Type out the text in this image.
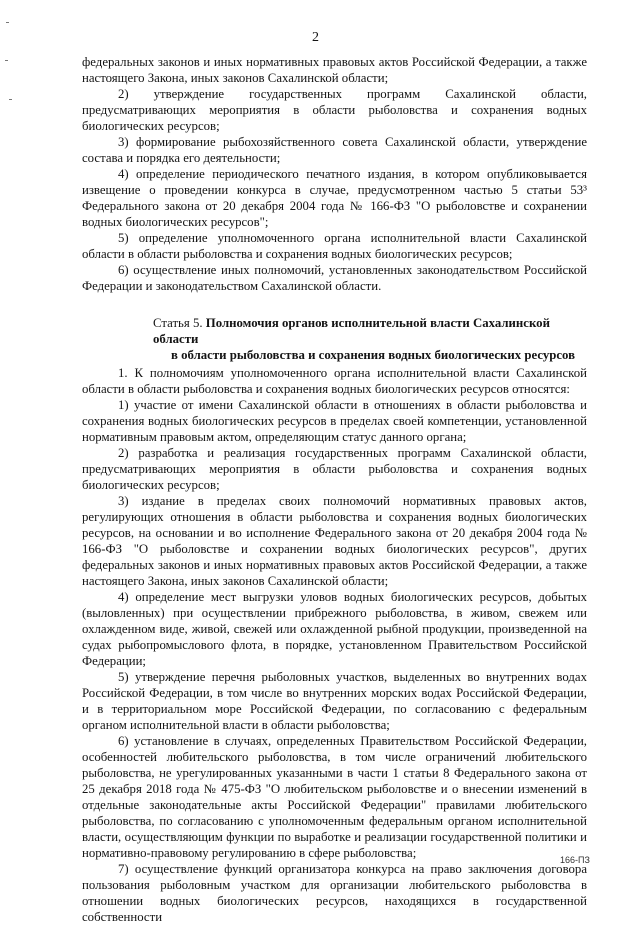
2

федеральных законов и иных нормативных правовых актов Российской Федерации, а также настоящего Закона, иных законов Сахалинской области;

2) утверждение государственных программ Сахалинской области, предусматривающих мероприятия в области рыболовства и сохранения водных биологических ресурсов;

3) формирование рыбохозяйственного совета Сахалинской области, утверждение состава и порядка его деятельности;

4) определение периодического печатного издания, в котором опубликовывается извещение о проведении конкурса в случае, предусмотренном частью 5 статьи 53³ Федерального закона от 20 декабря 2004 года № 166-ФЗ "О рыболовстве и сохранении водных биологических ресурсов";

5) определение уполномоченного органа исполнительной власти Сахалинской области в области рыболовства и сохранения водных биологических ресурсов;

6) осуществление иных полномочий, установленных законодательством Российской Федерации и законодательством Сахалинской области.

Статья 5. Полномочия органов исполнительной власти Сахалинской области

в области рыболовства и сохранения водных биологических ресурсов

1. К полномочиям уполномоченного органа исполнительной власти Сахалинской области в области рыболовства и сохранения водных биологических ресурсов относятся:

1) участие от имени Сахалинской области в отношениях в области рыболовства и сохранения водных биологических ресурсов в пределах своей компетенции, установленной нормативным правовым актом, определяющим статус данного органа;

2) разработка и реализация государственных программ Сахалинской области, предусматривающих мероприятия в области рыболовства и сохранения водных биологических ресурсов;

3) издание в пределах своих полномочий нормативных правовых актов, регулирующих отношения в области рыболовства и сохранения водных биологических ресурсов, на основании и во исполнение Федерального закона от 20 декабря 2004 года № 166-ФЗ "О рыболовстве и сохранении водных биологических ресурсов", других федеральных законов и иных нормативных правовых актов Российской Федерации, а также настоящего Закона, иных законов Сахалинской области;

4) определение мест выгрузки уловов водных биологических ресурсов, добытых (выловленных) при осуществлении прибрежного рыболовства, в живом, свежем или охлажденном виде, живой, свежей или охлажденной рыбной продукции, произведенной на судах рыбопромыслового флота, в порядке, установленном Правительством Российской Федерации;

5) утверждение перечня рыболовных участков, выделенных во внутренних водах Российской Федерации, в том числе во внутренних морских водах Российской Федерации, и в территориальном море Российской Федерации, по согласованию с федеральным органом исполнительной власти в области рыболовства;

6) установление в случаях, определенных Правительством Российской Федерации, особенностей любительского рыболовства, в том числе ограничений любительского рыболовства, не урегулированных указанными в части 1 статьи 8 Федерального закона от 25 декабря 2018 года № 475-ФЗ "О любительском рыболовстве и о внесении изменений в отдельные законодательные акты Российской Федерации" правилами любительского рыболовства, по согласованию с уполномоченным федеральным органом исполнительной власти, осуществляющим функции по выработке и реализации государственной политики и нормативно-правовому регулированию в сфере рыболовства;

7) осуществление функций организатора конкурса на право заключения договора пользования рыболовным участком для организации любительского рыболовства в отношении водных биологических ресурсов, находящихся в государственной собственности

166-ПЗ
